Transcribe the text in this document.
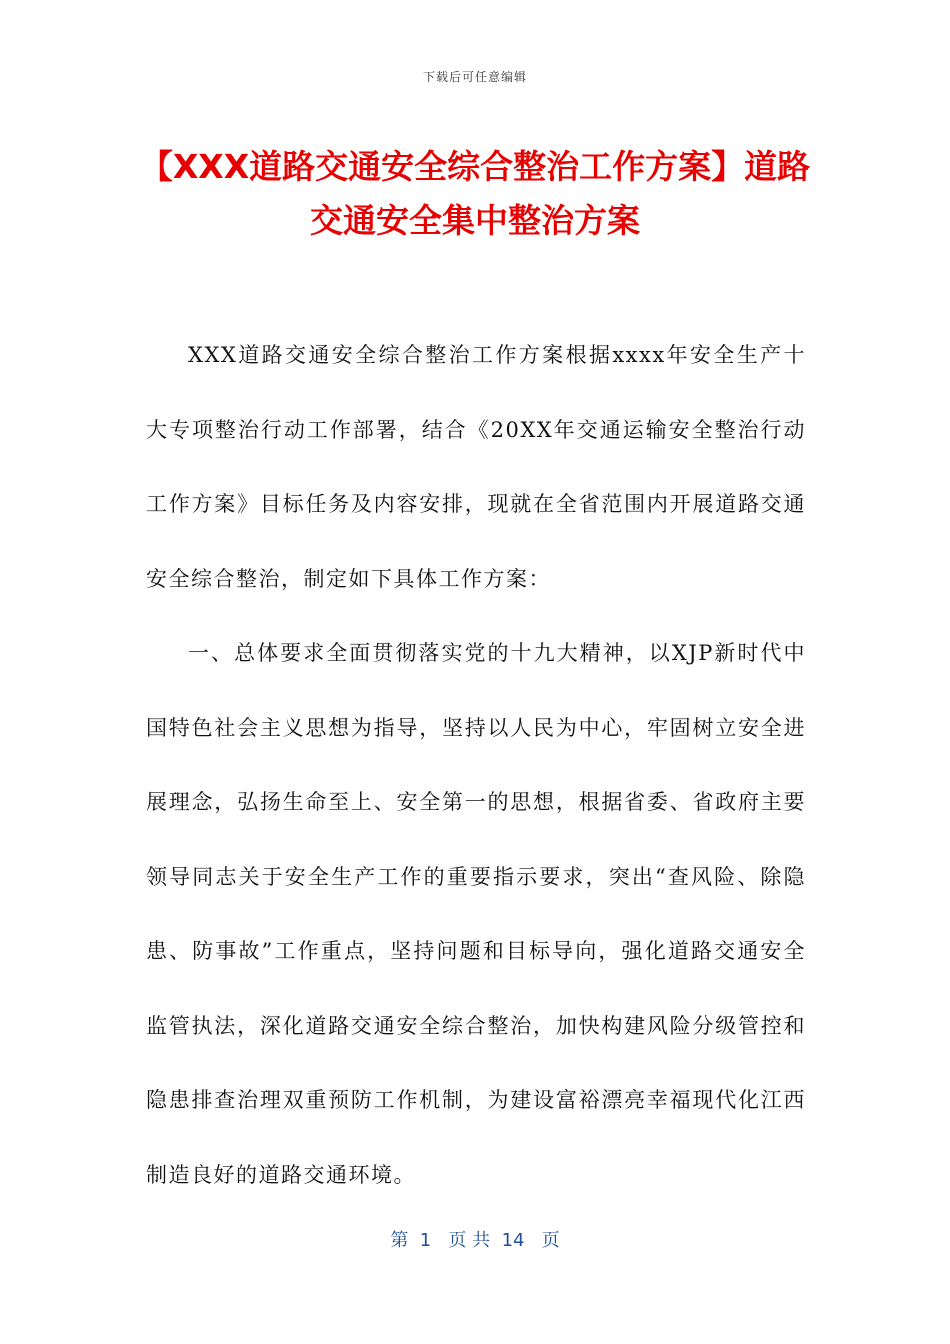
下载后可任意编辑
【XXX道路交通安全综合整治工作方案】道路交通安全集中整治方案

XXX道路交通安全综合整治工作方案根据xxxx年安全生产十大专项整治行动工作部署，结合《20XX年交通运输安全整治行动工作方案》目标任务及内容安排，现就在全省范围内开展道路交通安全综合整治，制定如下具体工作方案：

一、总体要求全面贯彻落实党的十九大精神，以XJP新时代中国特色社会主义思想为指导，坚持以人民为中心，牢固树立安全进展理念，弘扬生命至上、安全第一的思想，根据省委、省政府主要领导同志关于安全生产工作的重要指示要求，突出“查风险、除隐患、防事故”工作重点，坚持问题和目标导向，强化道路交通安全监管执法，深化道路交通安全综合整治，加快构建风险分级管控和隐患排查治理双重预防工作机制，为建设富裕漂亮幸福现代化江西制造良好的道路交通环境。

第  1   页 共  14   页
